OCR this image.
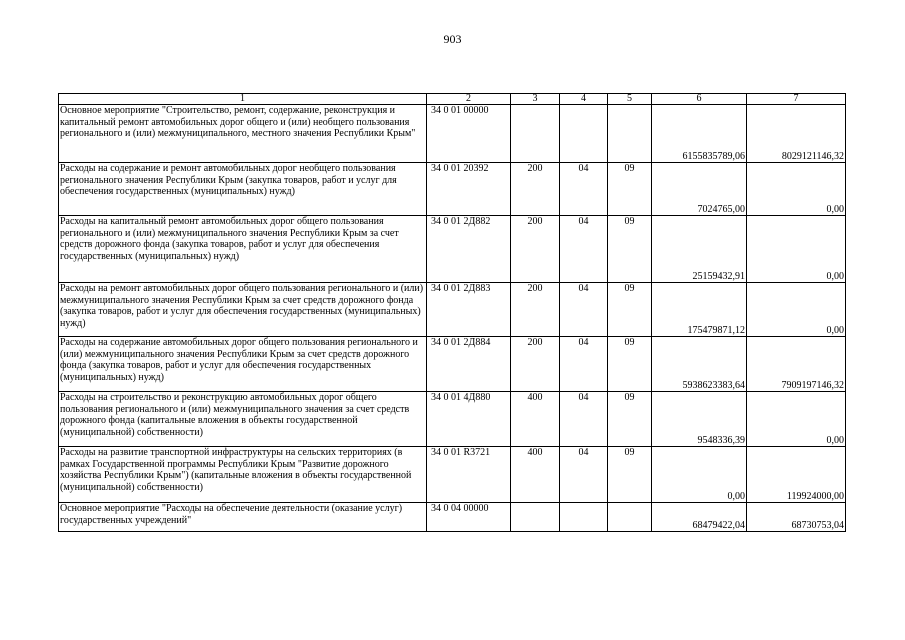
903
1	2	3	4	5	6	7
Основное мероприятие "Строительство, ремонт, содержание, реконструкция и капитальный ремонт автомобильных дорог общего и (или) необщего пользования регионального и (или) межмуниципального, местного значения Республики Крым"	34 0 01 00000				6155835789,06	8029121146,32
Расходы на содержание и ремонт автомобильных дорог необщего пользования регионального значения Республики Крым (закупка товаров, работ и услуг для обеспечения государственных (муниципальных) нужд)	34 0 01 20392	200	04	09	7024765,00	0,00
Расходы на капитальный ремонт автомобильных дорог общего пользования регионального и (или) межмуниципального значения Республики Крым за счет средств дорожного фонда (закупка товаров, работ и услуг для обеспечения государственных (муниципальных) нужд)	34 0 01 2Д882	200	04	09	25159432,91	0,00
Расходы на ремонт автомобильных дорог общего пользования регионального и (или) межмуниципального значения Республики Крым за счет средств дорожного фонда (закупка товаров, работ и услуг для обеспечения государственных (муниципальных) нужд)	34 0 01 2Д883	200	04	09	175479871,12	0,00
Расходы на содержание автомобильных дорог общего пользования регионального и (или) межмуниципального значения Республики Крым за счет средств дорожного фонда (закупка товаров, работ и услуг для обеспечения государственных (муниципальных) нужд)	34 0 01 2Д884	200	04	09	5938623383,64	7909197146,32
Расходы на строительство и реконструкцию автомобильных дорог общего пользования регионального и (или) межмуниципального значения за счет средств дорожного фонда (капитальные вложения в объекты государственной (муниципальной) собственности)	34 0 01 4Д880	400	04	09	9548336,39	0,00
Расходы на развитие транспортной инфраструктуры на сельских территориях (в рамках Государственной программы Республики Крым "Развитие дорожного хозяйства Республики Крым") (капитальные вложения в объекты государственной (муниципальной) собственности)	34 0 01 R3721	400	04	09	0,00	119924000,00
Основное мероприятие "Расходы на обеспечение деятельности (оказание услуг) государственных учреждений"	34 0 04 00000				68479422,04	68730753,04
